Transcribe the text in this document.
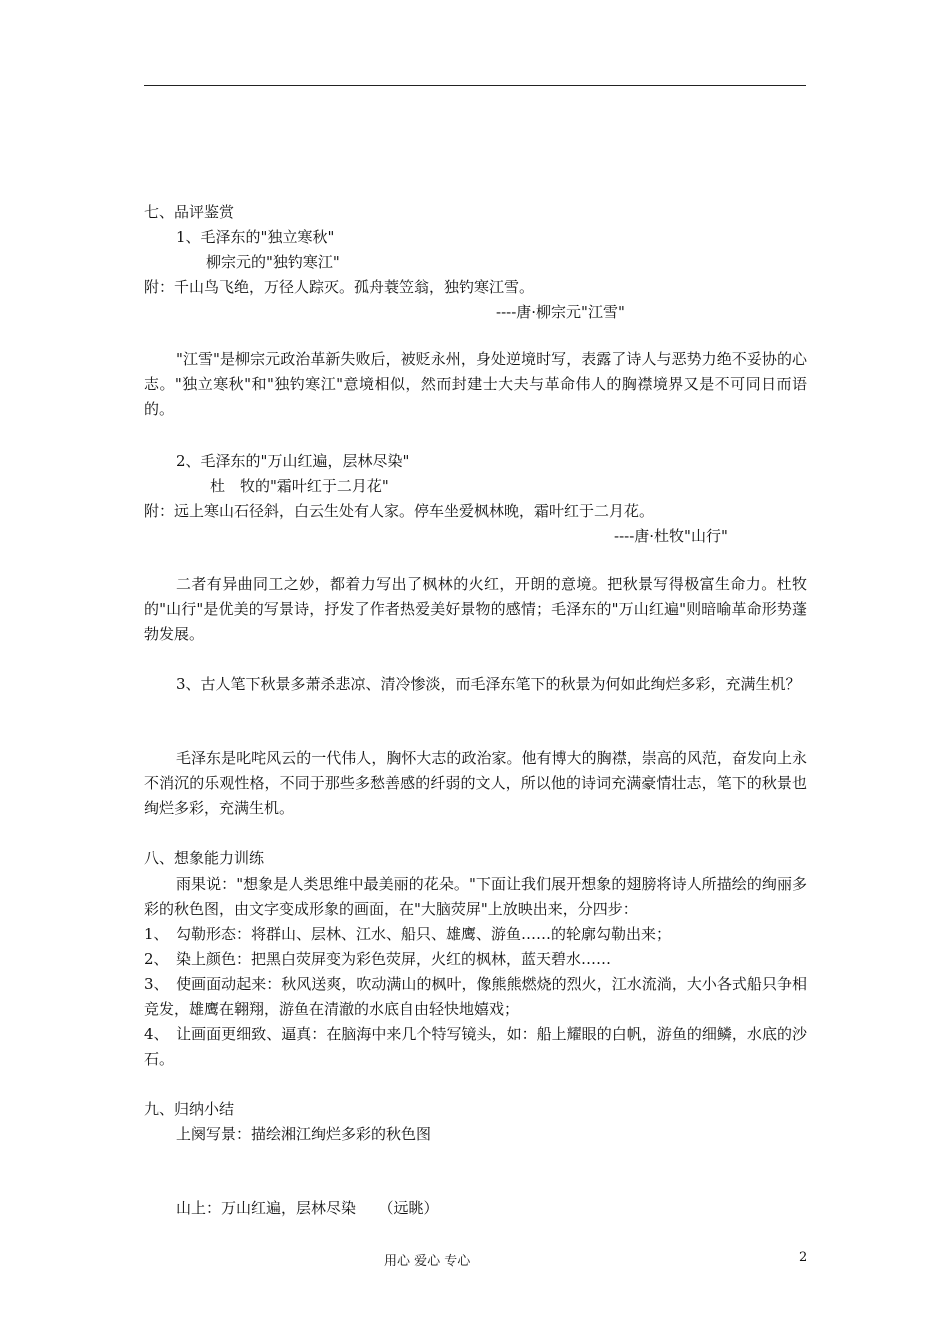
七、品评鉴赏
1、毛泽东的"独立寒秋"
柳宗元的"独钓寒江"
附：千山鸟飞绝，万径人踪灭。孤舟蓑笠翁，独钓寒江雪。
----唐·柳宗元"江雪"
"江雪"是柳宗元政治革新失败后，被贬永州，身处逆境时写，表露了诗人与恶势力绝不妥协的心志。"独立寒秋"和"独钓寒江"意境相似，然而封建士大夫与革命伟人的胸襟境界又是不可同日而语的。
2、毛泽东的"万山红遍，层林尽染"
杜　牧的"霜叶红于二月花"
附：远上寒山石径斜，白云生处有人家。停车坐爱枫林晚，霜叶红于二月花。
----唐·杜牧"山行"
二者有异曲同工之妙，都着力写出了枫林的火红，开朗的意境。把秋景写得极富生命力。杜牧的"山行"是优美的写景诗，抒发了作者热爱美好景物的感情；毛泽东的"万山红遍"则暗喻革命形势蓬勃发展。
3、古人笔下秋景多萧杀悲凉、清冷惨淡，而毛泽东笔下的秋景为何如此绚烂多彩，充满生机？
毛泽东是叱咤风云的一代伟人，胸怀大志的政治家。他有博大的胸襟，崇高的风范，奋发向上永不消沉的乐观性格，不同于那些多愁善感的纤弱的文人，所以他的诗词充满豪情壮志，笔下的秋景也绚烂多彩，充满生机。
八、想象能力训练
雨果说："想象是人类思维中最美丽的花朵。"下面让我们展开想象的翅膀将诗人所描绘的绚丽多彩的秋色图，由文字变成形象的画面，在"大脑荧屏"上放映出来，分四步：
1、　勾勒形态：将群山、层林、江水、船只、雄鹰、游鱼……的轮廓勾勒出来；
2、　染上颜色：把黑白荧屏变为彩色荧屏，火红的枫林，蓝天碧水……
3、　使画面动起来：秋风送爽，吹动满山的枫叶，像熊熊燃烧的烈火，江水流淌，大小各式船只争相竞发，雄鹰在翱翔，游鱼在清澈的水底自由轻快地嬉戏；
4、　让画面更细致、逼真：在脑海中来几个特写镜头，如：船上耀眼的白帆，游鱼的细鳞，水底的沙石。
九、归纳小结
上阕写景：描绘湘江绚烂多彩的秋色图
山上：万山红遍，层林尽染　　（远眺）
用心 爱心 专心	2
